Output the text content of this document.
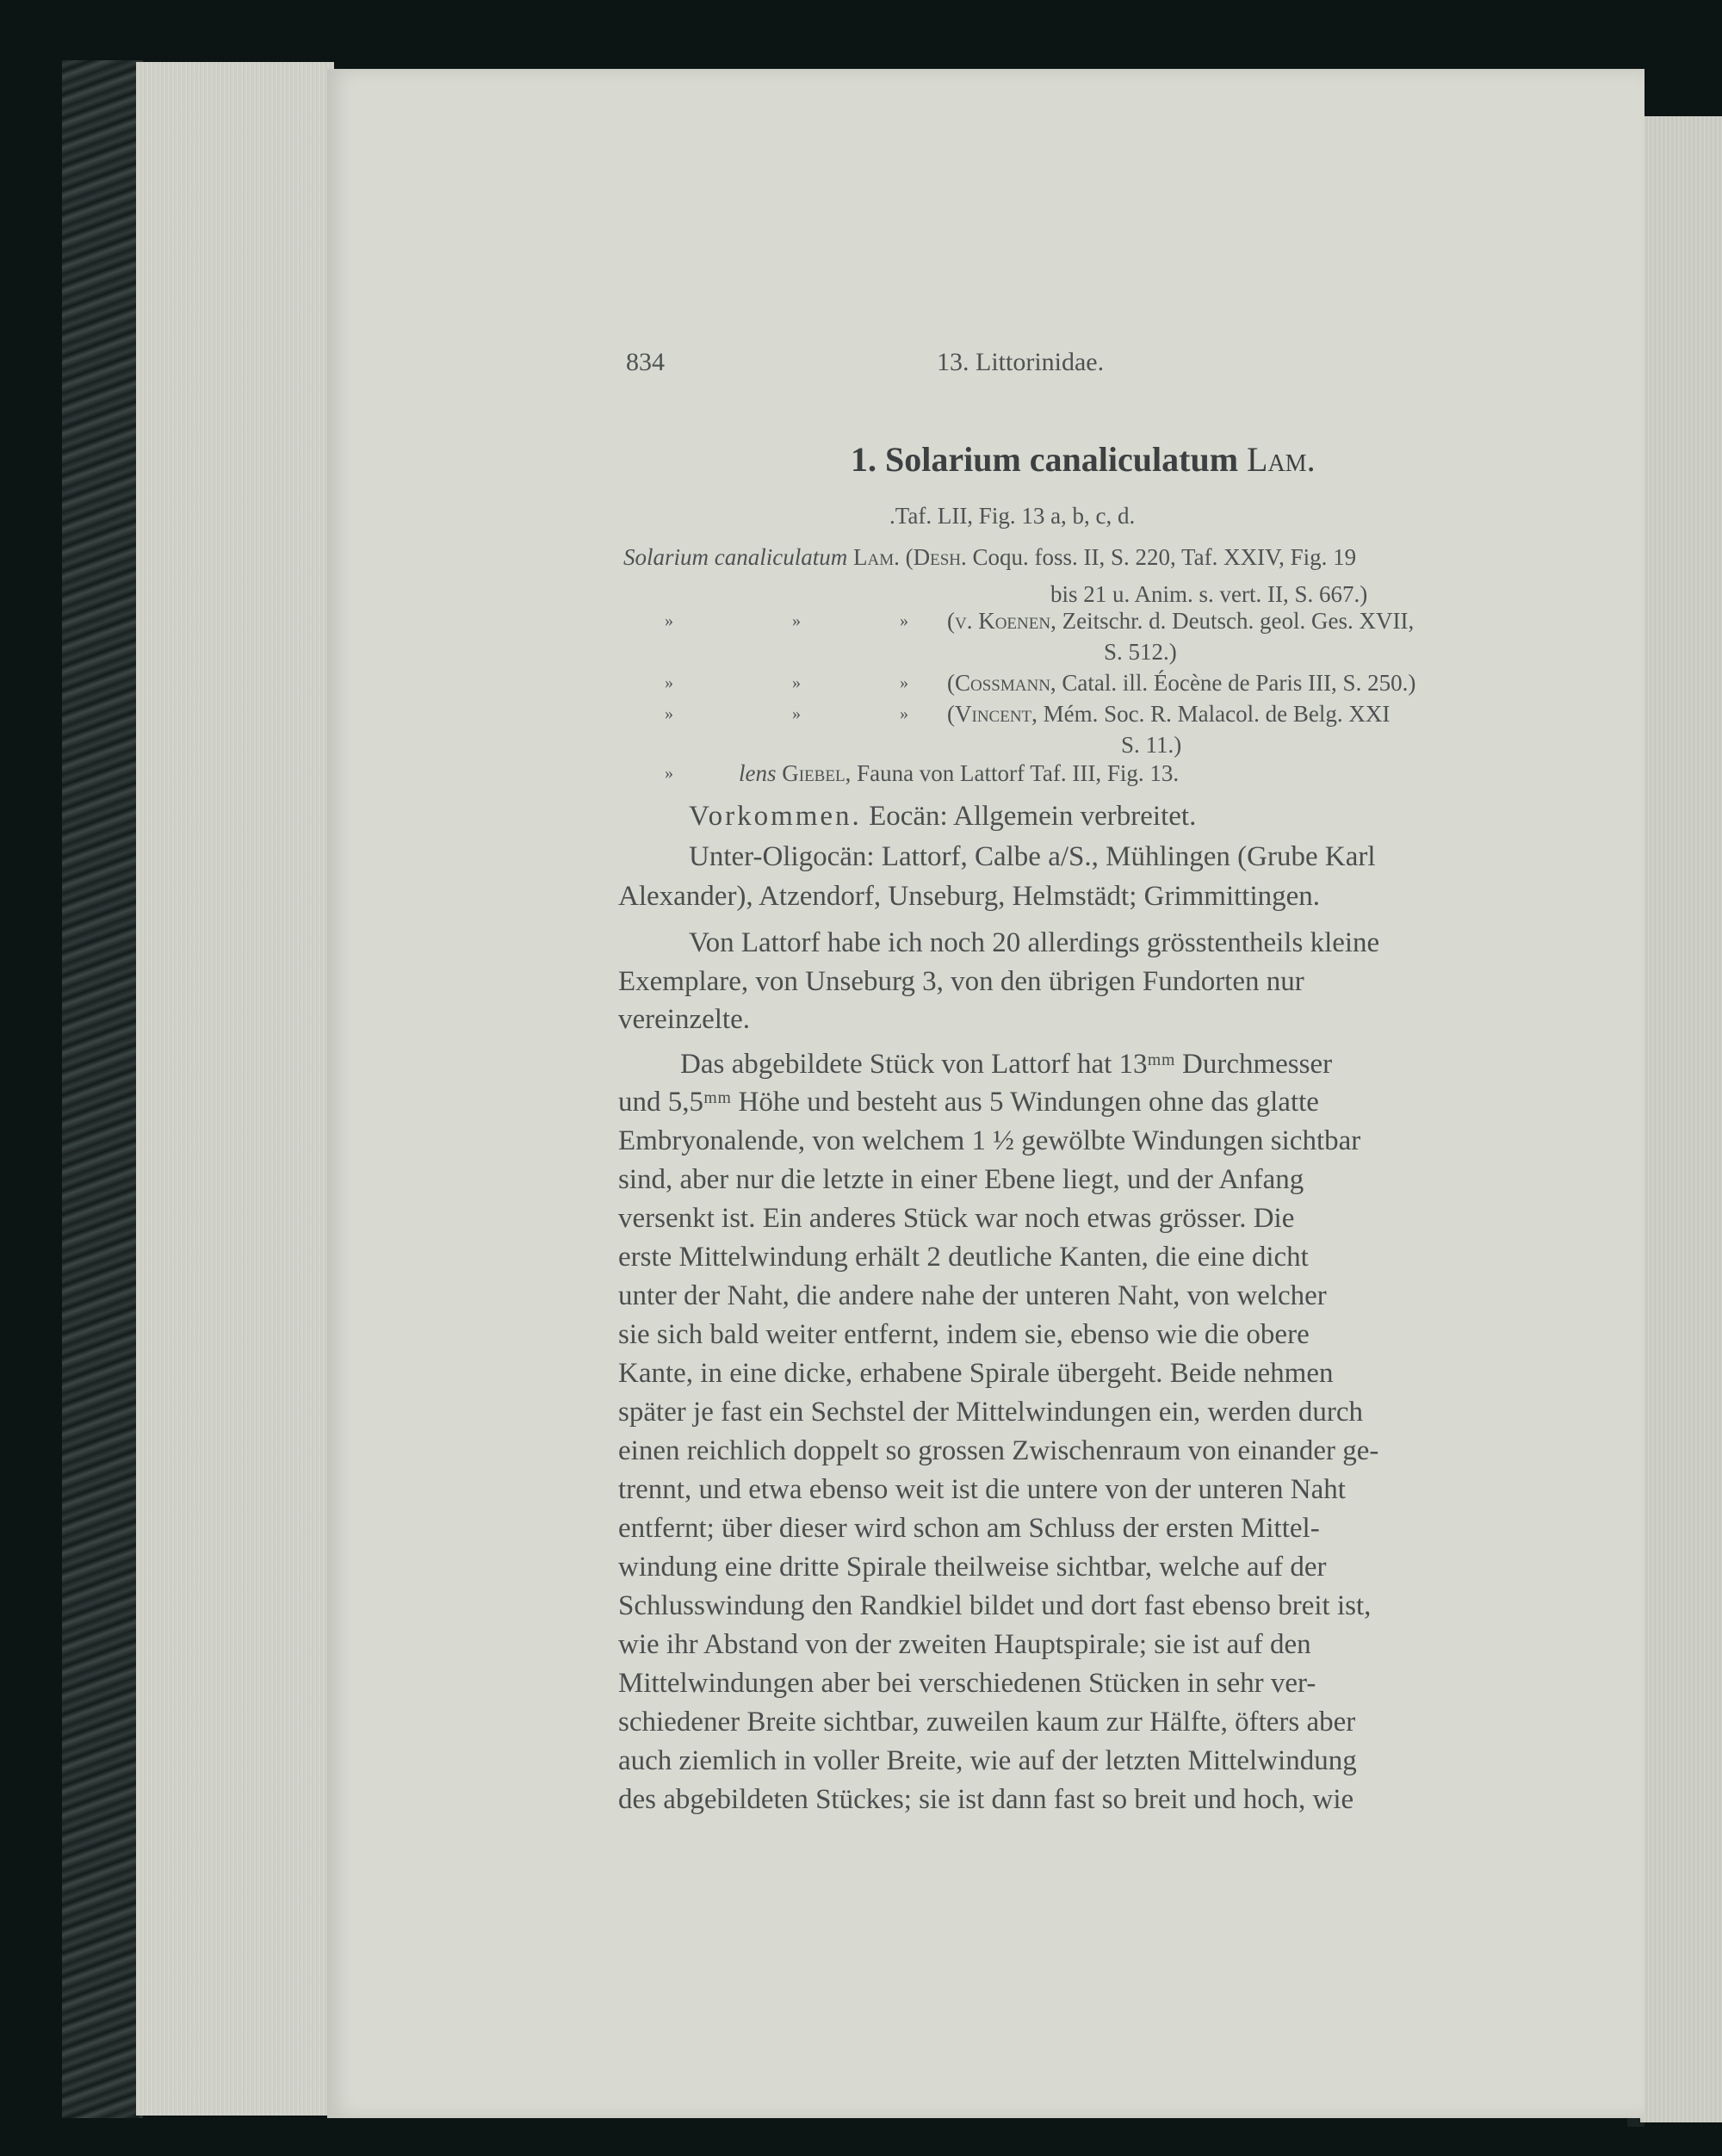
834	13. Littorinidae.
1. Solarium canaliculatum Lam.
.Taf. LII, Fig. 13 a, b, c, d.
Solarium canaliculatum Lam. (Desh. Coqu. foss. II, S. 220, Taf. XXIV, Fig. 19
bis 21 u. Anim. s. vert. II, S. 667.)
»	»	» (v. Koenen, Zeitschr. d. Deutsch. geol. Ges. XVII,
S. 512.)
»	»	» (Cossmann, Catal. ill. Éocène de Paris III, S. 250.)
»	»	» (Vincent, Mém. Soc. R. Malacol. de Belg. XXI
S. 11.)
»	lens Giebel, Fauna von Lattorf Taf. III, Fig. 13.
Vorkommen. Eocän: Allgemein verbreitet.
Unter-Oligocän: Lattorf, Calbe a/S., Mühlingen (Grube Karl
Alexander), Atzendorf, Unseburg, Helmstädt; Grimmittingen.
Von Lattorf habe ich noch 20 allerdings grösstentheils kleine
Exemplare, von Unseburg 3, von den übrigen Fundorten nur
vereinzelte.
Das abgebildete Stück von Lattorf hat 13ᵐᵐ Durchmesser
und 5,5ᵐᵐ Höhe und besteht aus 5 Windungen ohne das glatte
Embryonalende, von welchem 1 ½ gewölbte Windungen sichtbar
sind, aber nur die letzte in einer Ebene liegt, und der Anfang
versenkt ist. Ein anderes Stück war noch etwas grösser. Die
erste Mittelwindung erhält 2 deutliche Kanten, die eine dicht
unter der Naht, die andere nahe der unteren Naht, von welcher
sie sich bald weiter entfernt, indem sie, ebenso wie die obere
Kante, in eine dicke, erhabene Spirale übergeht. Beide nehmen
später je fast ein Sechstel der Mittelwindungen ein, werden durch
einen reichlich doppelt so grossen Zwischenraum von einander ge-
trennt, und etwa ebenso weit ist die untere von der unteren Naht
entfernt; über dieser wird schon am Schluss der ersten Mittel-
windung eine dritte Spirale theilweise sichtbar, welche auf der
Schlusswindung den Randkiel bildet und dort fast ebenso breit ist,
wie ihr Abstand von der zweiten Hauptspirale; sie ist auf den
Mittelwindungen aber bei verschiedenen Stücken in sehr ver-
schiedener Breite sichtbar, zuweilen kaum zur Hälfte, öfters aber
auch ziemlich in voller Breite, wie auf der letzten Mittelwindung
des abgebildeten Stückes; sie ist dann fast so breit und hoch, wie
